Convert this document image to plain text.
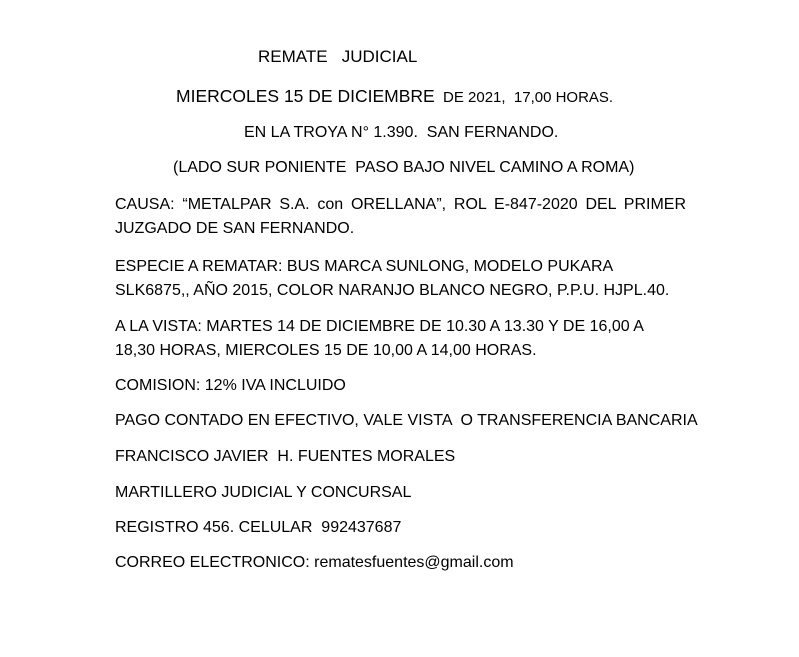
REMATE   JUDICIAL
MIERCOLES 15 DE DICIEMBRE  DE 2021,  17,00 HORAS.
EN LA TROYA N° 1.390.  SAN FERNANDO.
(LADO SUR PONIENTE  PASO BAJO NIVEL CAMINO A ROMA)
CAUSA: “METALPAR S.A. con ORELLANA”, ROL E-847-2020 DEL PRIMER JUZGADO DE SAN FERNANDO.
ESPECIE A REMATAR: BUS MARCA SUNLONG, MODELO PUKARA SLK6875,, AÑO 2015, COLOR NARANJO BLANCO NEGRO, P.P.U. HJPL.40.
A LA VISTA: MARTES 14 DE DICIEMBRE DE 10.30 A 13.30 Y DE 16,00 A 18,30 HORAS, MIERCOLES 15 DE 10,00 A 14,00 HORAS.
COMISION: 12% IVA INCLUIDO
PAGO CONTADO EN EFECTIVO, VALE VISTA  O TRANSFERENCIA BANCARIA
FRANCISCO JAVIER  H. FUENTES MORALES
MARTILLERO JUDICIAL Y CONCURSAL
REGISTRO 456. CELULAR  992437687
CORREO ELECTRONICO: rematesfuentes@gmail.com
